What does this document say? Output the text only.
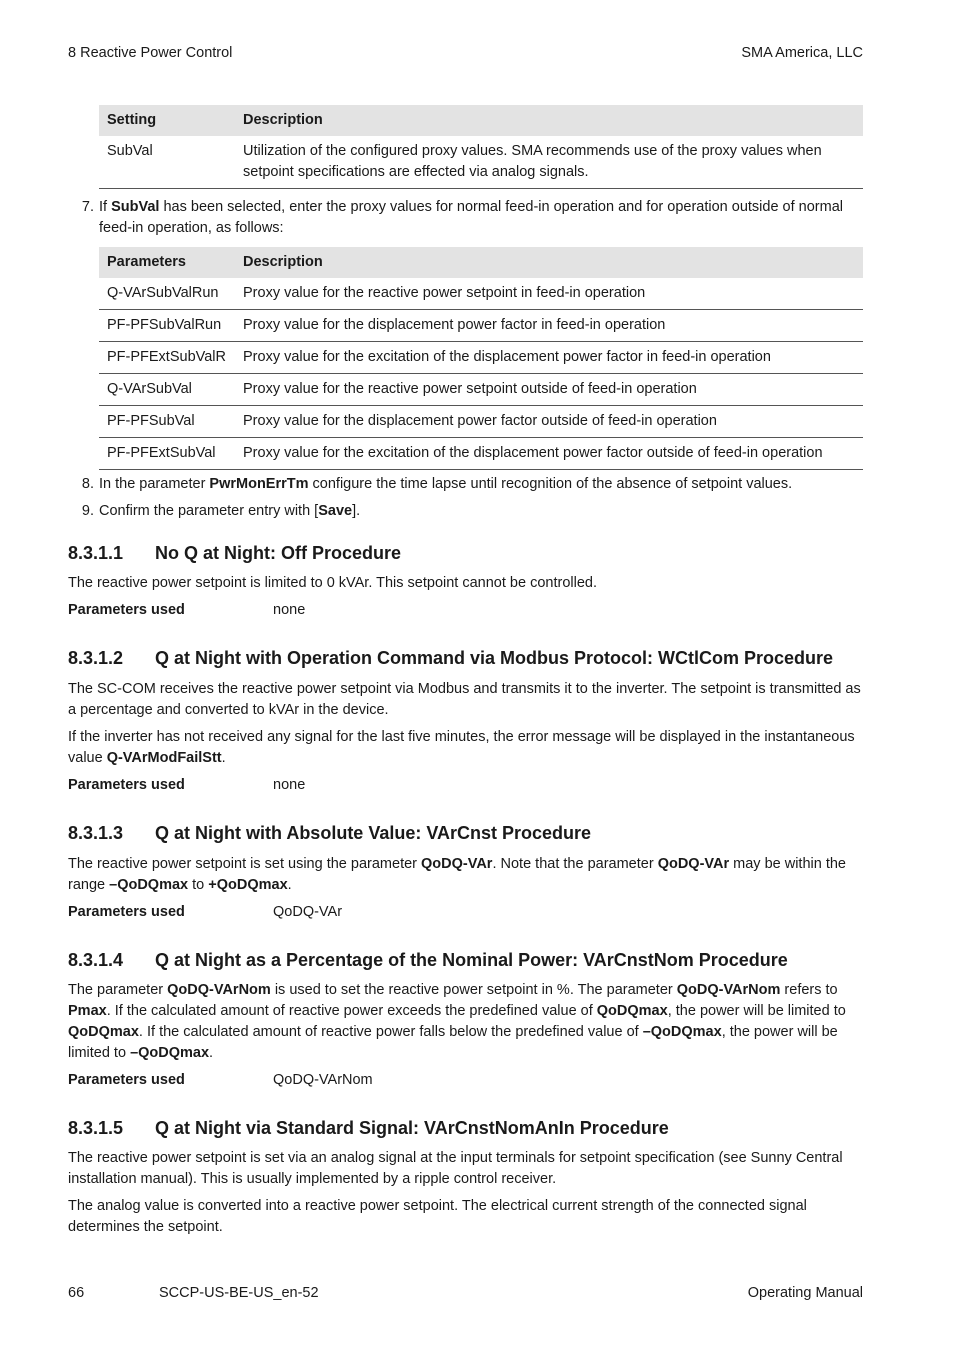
8 Reactive Power Control	SMA America, LLC
Setting	Description
SubVal	Utilization of the configured proxy values. SMA recommends use of the proxy values when setpoint specifications are effected via analog signals.
7. If SubVal has been selected, enter the proxy values for normal feed-in operation and for operation outside of normal feed-in operation, as follows:
Parameters	Description
Q-VArSubValRun	Proxy value for the reactive power setpoint in feed-in operation
PF-PFSubValRun	Proxy value for the displacement power factor in feed-in operation
PF-PFExtSubValR	Proxy value for the excitation of the displacement power factor in feed-in operation
Q-VArSubVal	Proxy value for the reactive power setpoint outside of feed-in operation
PF-PFSubVal	Proxy value for the displacement power factor outside of feed-in operation
PF-PFExtSubVal	Proxy value for the excitation of the displacement power factor outside of feed-in operation
8. In the parameter PwrMonErrTm configure the time lapse until recognition of the absence of setpoint values.
9. Confirm the parameter entry with [Save].
8.3.1.1 No Q at Night: Off Procedure

The reactive power setpoint is limited to 0 kVAr. This setpoint cannot be controlled.

Parameters used	none
8.3.1.2 Q at Night with Operation Command via Modbus Protocol: WCtlCom Procedure

The SC-COM receives the reactive power setpoint via Modbus and transmits it to the inverter. The setpoint is transmitted as a percentage and converted to kVAr in the device.

If the inverter has not received any signal for the last five minutes, the error message will be displayed in the instantaneous value Q-VArModFailStt.

Parameters used	none
8.3.1.3 Q at Night with Absolute Value: VArCnst Procedure

The reactive power setpoint is set using the parameter QoDQ-VAr. Note that the parameter QoDQ-VAr may be within the range –QoDQmax to +QoDQmax.

Parameters used	QoDQ-VAr
8.3.1.4 Q at Night as a Percentage of the Nominal Power: VArCnstNom Procedure

The parameter QoDQ-VArNom is used to set the reactive power setpoint in %. The parameter QoDQ-VArNom refers to Pmax. If the calculated amount of reactive power exceeds the predefined value of QoDQmax, the power will be limited to QoDQmax. If the calculated amount of reactive power falls below the predefined value of –QoDQmax, the power will be limited to –QoDQmax.

Parameters used	QoDQ-VArNom
8.3.1.5 Q at Night via Standard Signal: VArCnstNomAnIn Procedure

The reactive power setpoint is set via an analog signal at the input terminals for setpoint specification (see Sunny Central installation manual). This is usually implemented by a ripple control receiver.

The analog value is converted into a reactive power setpoint. The electrical current strength of the connected signal determines the setpoint.

66	SCCP-US-BE-US_en-52	Operating Manual
